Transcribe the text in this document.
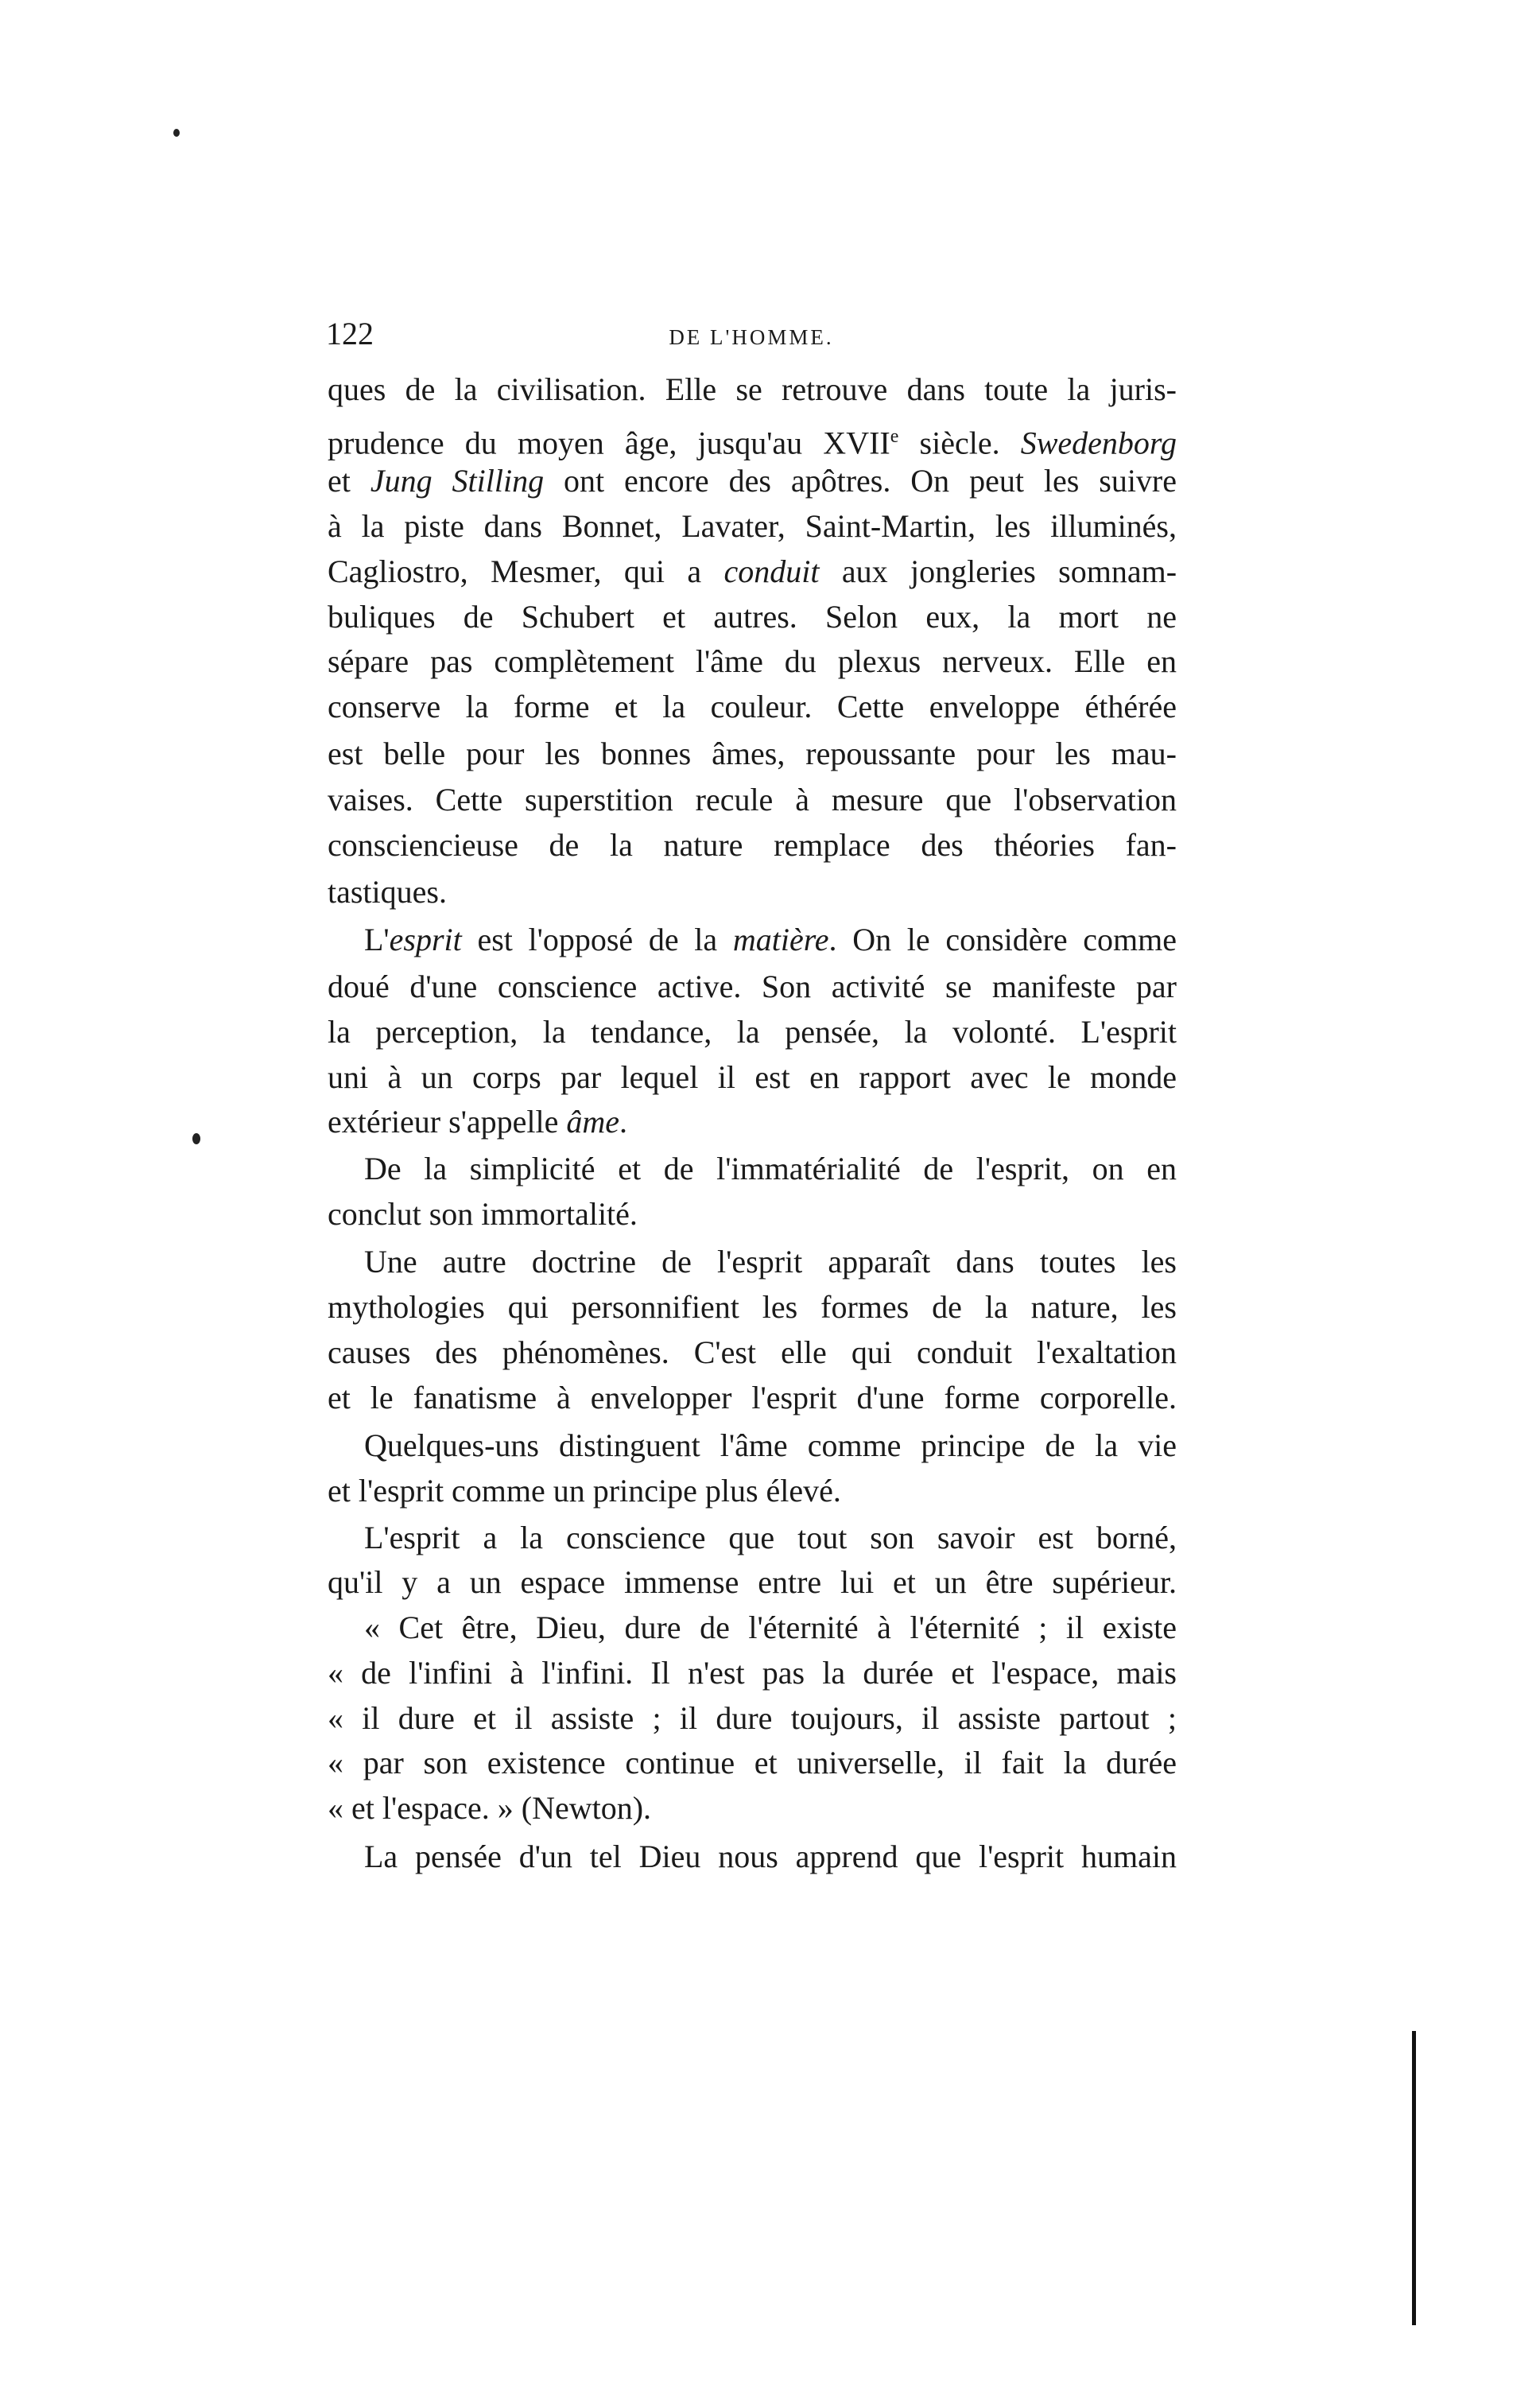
122	DE L'HOMME.
ques de la civilisation. Elle se retrouve dans toute la juris-
prudence du moyen âge, jusqu'au XVIIe siècle. Swedenborg
et Jung Stilling ont encore des apôtres. On peut les suivre
à la piste dans Bonnet, Lavater, Saint-Martin, les illuminés,
Cagliostro, Mesmer, qui a conduit aux jongleries somnam-
buliques de Schubert et autres. Selon eux, la mort ne
sépare pas complètement l'âme du plexus nerveux. Elle en
conserve la forme et la couleur. Cette enveloppe éthérée
est belle pour les bonnes âmes, repoussante pour les mau-
vaises. Cette superstition recule à mesure que l'observation
consciencieuse de la nature remplace des théories fan-
tastiques.
L'esprit est l'opposé de la matière. On le considère comme
doué d'une conscience active. Son activité se manifeste par
la perception, la tendance, la pensée, la volonté. L'esprit
uni à un corps par lequel il est en rapport avec le monde
extérieur s'appelle âme.
De la simplicité et de l'immatérialité de l'esprit, on en
conclut son immortalité.
Une autre doctrine de l'esprit apparaît dans toutes les
mythologies qui personnifient les formes de la nature, les
causes des phénomènes. C'est elle qui conduit l'exaltation
et le fanatisme à envelopper l'esprit d'une forme corporelle.
Quelques-uns distinguent l'âme comme principe de la vie
et l'esprit comme un principe plus élevé.
L'esprit a la conscience que tout son savoir est borné,
qu'il y a un espace immense entre lui et un être supérieur.
« Cet être, Dieu, dure de l'éternité à l'éternité ; il existe
« de l'infini à l'infini. Il n'est pas la durée et l'espace, mais
« il dure et il assiste ; il dure toujours, il assiste partout ;
« par son existence continue et universelle, il fait la durée
« et l'espace. » (Newton).
La pensée d'un tel Dieu nous apprend que l'esprit humain
